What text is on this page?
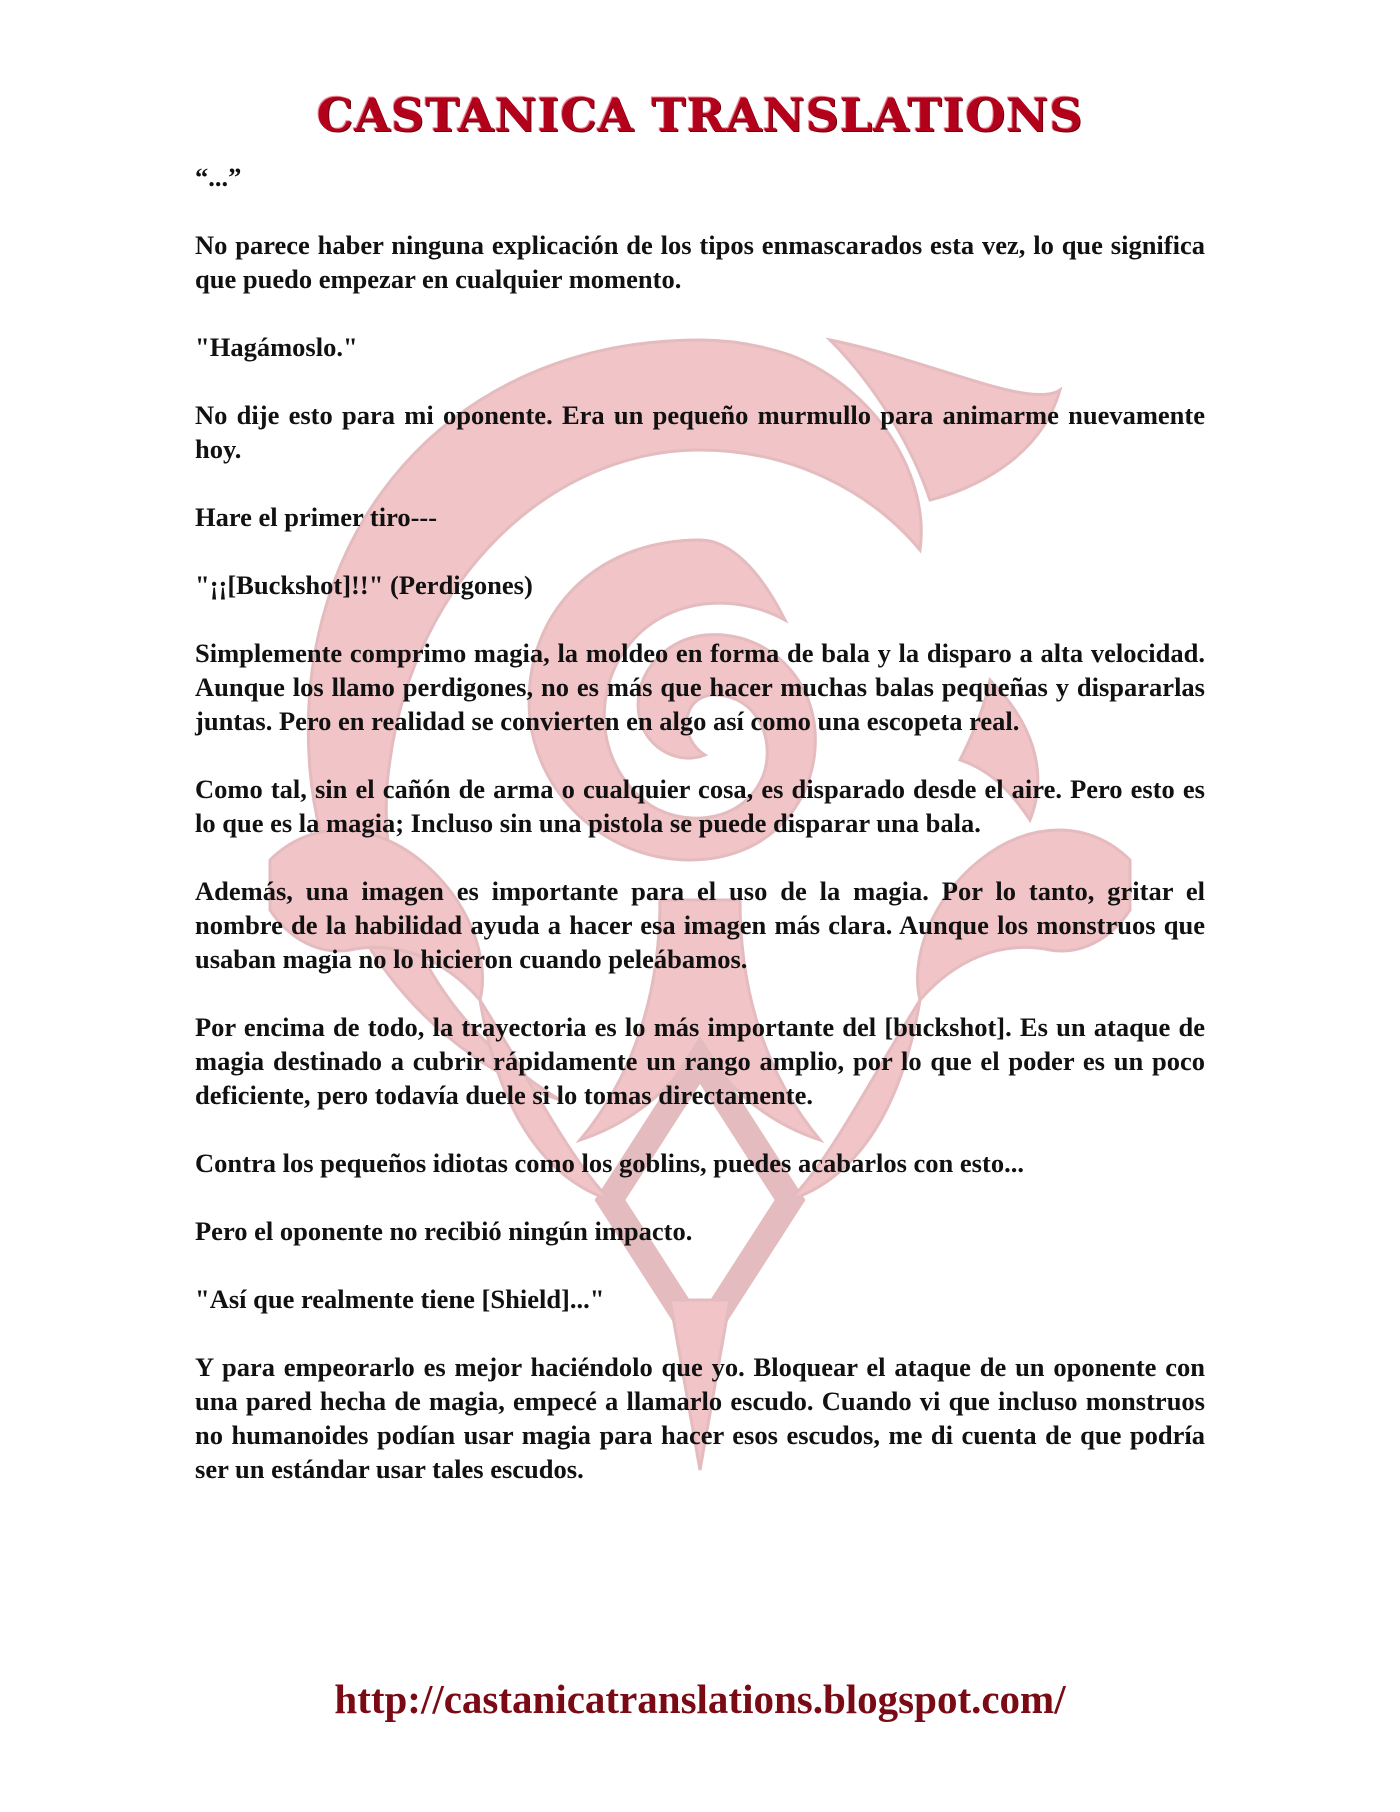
CASTANICA TRANSLATIONS

“...”

No parece haber ninguna explicación de los tipos enmascarados esta vez, lo que significa que puedo empezar en cualquier momento.

"Hagámoslo."

No dije esto para mi oponente. Era un pequeño murmullo para animarme nuevamente hoy.

Hare el primer tiro---

"¡¡[Buckshot]!!" (Perdigones)

Simplemente comprimo magia, la moldeo en forma de bala y la disparo a alta velocidad. Aunque los llamo perdigones, no es más que hacer muchas balas pequeñas y dispararlas juntas. Pero en realidad se convierten en algo así como una escopeta real.

Como tal, sin el cañón de arma o cualquier cosa, es disparado desde el aire. Pero esto es lo que es la magia; Incluso sin una pistola se puede disparar una bala.

Además, una imagen es importante para el uso de la magia. Por lo tanto, gritar el nombre de la habilidad ayuda a hacer esa imagen más clara. Aunque los monstruos que usaban magia no lo hicieron cuando peleábamos.

Por encima de todo, la trayectoria es lo más importante del [buckshot]. Es un ataque de magia destinado a cubrir rápidamente un rango amplio, por lo que el poder es un poco deficiente, pero todavía duele si lo tomas directamente.

Contra los pequeños idiotas como los goblins, puedes acabarlos con esto...

Pero el oponente no recibió ningún impacto.

"Así que realmente tiene [Shield]..."

Y para empeorarlo es mejor haciéndolo que yo. Bloquear el ataque de un oponente con una pared hecha de magia, empecé a llamarlo escudo. Cuando vi que incluso monstruos no humanoides podían usar magia para hacer esos escudos, me di cuenta de que podría ser un estándar usar tales escudos.

http://castanicatranslations.blogspot.com/
